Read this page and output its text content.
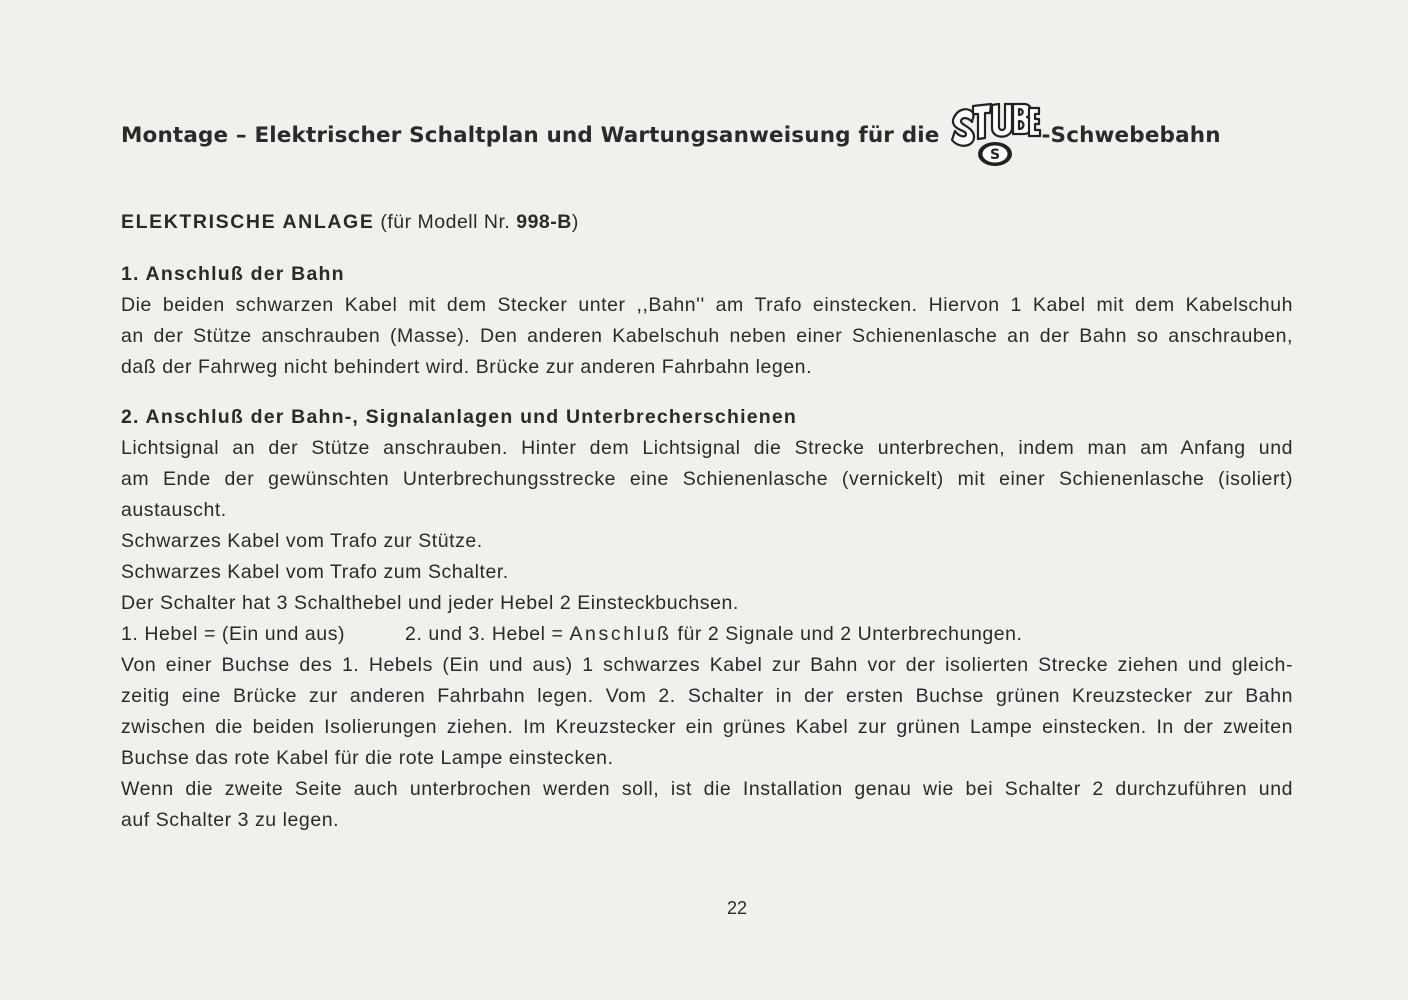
Montage – Elektrischer Schaltplan und Wartungsanweisung für die
S
-Schwebebahn
ELEKTRISCHE ANLAGE (für Modell Nr. 998-B)
1. Anschluß der Bahn
Die beiden schwarzen Kabel mit dem Stecker unter ,,Bahn'' am Trafo einstecken. Hiervon 1 Kabel mit dem Kabelschuh
an der Stütze anschrauben (Masse). Den anderen Kabelschuh neben einer Schienenlasche an der Bahn so anschrauben,
daß der Fahrweg nicht behindert wird. Brücke zur anderen Fahrbahn legen.
2. Anschluß der Bahn-, Signalanlagen und Unterbrecherschienen
Lichtsignal an der Stütze anschrauben. Hinter dem Lichtsignal die Strecke unterbrechen, indem man am Anfang und
am Ende der gewünschten Unterbrechungsstrecke eine Schienenlasche (vernickelt) mit einer Schienenlasche (isoliert)
austauscht.
Schwarzes Kabel vom Trafo zur Stütze.
Schwarzes Kabel vom Trafo zum Schalter.
Der Schalter hat 3 Schalthebel und jeder Hebel 2 Einsteckbuchsen.
1. Hebel = (Ein und aus)	2. und 3. Hebel = Anschluß für 2 Signale und 2 Unterbrechungen.
Von einer Buchse des 1. Hebels (Ein und aus) 1 schwarzes Kabel zur Bahn vor der isolierten Strecke ziehen und gleich-
zeitig eine Brücke zur anderen Fahrbahn legen. Vom 2. Schalter in der ersten Buchse grünen Kreuzstecker zur Bahn
zwischen die beiden Isolierungen ziehen. Im Kreuzstecker ein grünes Kabel zur grünen Lampe einstecken. In der zweiten
Buchse das rote Kabel für die rote Lampe einstecken.
Wenn die zweite Seite auch unterbrochen werden soll, ist die Installation genau wie bei Schalter 2 durchzuführen und
auf Schalter 3 zu legen.
22
